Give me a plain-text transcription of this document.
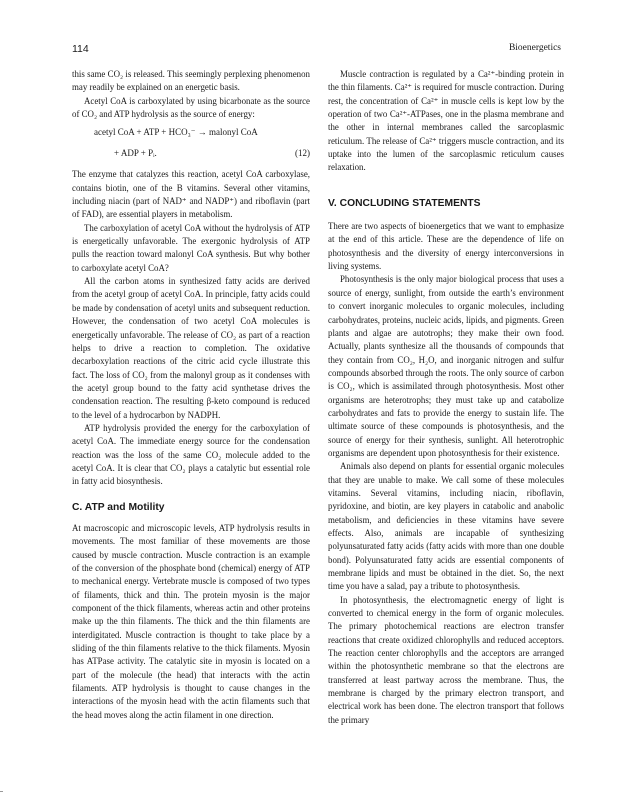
114	Bioenergetics

this same CO₂ is released. This seemingly perplexing phenomenon may readily be explained on an energetic basis.

Acetyl CoA is carboxylated by using bicarbonate as the source of CO₂ and ATP hydrolysis as the source of energy:

acetyl CoA + ATP + HCO₃⁻ → malonyl CoA
+ ADP + Pᵢ.	(12)

The enzyme that catalyzes this reaction, acetyl CoA carboxylase, contains biotin, one of the B vitamins. Several other vitamins, including niacin (part of NAD⁺ and NADP⁺) and riboflavin (part of FAD), are essential players in metabolism.

The carboxylation of acetyl CoA without the hydrolysis of ATP is energetically unfavorable. The exergonic hydrolysis of ATP pulls the reaction toward malonyl CoA synthesis. But why bother to carboxylate acetyl CoA?

All the carbon atoms in synthesized fatty acids are derived from the acetyl group of acetyl CoA. In principle, fatty acids could be made by condensation of acetyl units and subsequent reduction. However, the condensation of two acetyl CoA molecules is energetically unfavorable. The release of CO₂ as part of a reaction helps to drive a reaction to completion. The oxidative decarboxylation reactions of the citric acid cycle illustrate this fact. The loss of CO₂ from the malonyl group as it condenses with the acetyl group bound to the fatty acid synthetase drives the condensation reaction. The resulting β-keto compound is reduced to the level of a hydrocarbon by NADPH.

ATP hydrolysis provided the energy for the carboxylation of acetyl CoA. The immediate energy source for the condensation reaction was the loss of the same CO₂ molecule added to the acetyl CoA. It is clear that CO₂ plays a catalytic but essential role in fatty acid biosynthesis.

C. ATP and Motility

At macroscopic and microscopic levels, ATP hydrolysis results in movements. The most familiar of these movements are those caused by muscle contraction. Muscle contraction is an example of the conversion of the phosphate bond (chemical) energy of ATP to mechanical energy. Vertebrate muscle is composed of two types of filaments, thick and thin. The protein myosin is the major component of the thick filaments, whereas actin and other proteins make up the thin filaments. The thick and the thin filaments are interdigitated. Muscle contraction is thought to take place by a sliding of the thin filaments relative to the thick filaments. Myosin has ATPase activity. The catalytic site in myosin is located on a part of the molecule (the head) that interacts with the actin filaments. ATP hydrolysis is thought to cause changes in the interactions of the myosin head with the actin filaments such that the head moves along the actin filament in one direction.

Muscle contraction is regulated by a Ca²⁺-binding protein in the thin filaments. Ca²⁺ is required for muscle contraction. During rest, the concentration of Ca²⁺ in muscle cells is kept low by the operation of two Ca²⁺-ATPases, one in the plasma membrane and the other in internal membranes called the sarcoplasmic reticulum. The release of Ca²⁺ triggers muscle contraction, and its uptake into the lumen of the sarcoplasmic reticulum causes relaxation.

V. CONCLUDING STATEMENTS

There are two aspects of bioenergetics that we want to emphasize at the end of this article. These are the dependence of life on photosynthesis and the diversity of energy interconversions in living systems.

Photosynthesis is the only major biological process that uses a source of energy, sunlight, from outside the earth’s environment to convert inorganic molecules to organic molecules, including carbohydrates, proteins, nucleic acids, lipids, and pigments. Green plants and algae are autotrophs; they make their own food. Actually, plants synthesize all the thousands of compounds that they contain from CO₂, H₂O, and inorganic nitrogen and sulfur compounds absorbed through the roots. The only source of carbon is CO₂, which is assimilated through photosynthesis. Most other organisms are heterotrophs; they must take up and catabolize carbohydrates and fats to provide the energy to sustain life. The ultimate source of these compounds is photosynthesis, and the source of energy for their synthesis, sunlight. All heterotrophic organisms are dependent upon photosynthesis for their existence.

Animals also depend on plants for essential organic molecules that they are unable to make. We call some of these molecules vitamins. Several vitamins, including niacin, riboflavin, pyridoxine, and biotin, are key players in catabolic and anabolic metabolism, and deficiencies in these vitamins have severe effects. Also, animals are incapable of synthesizing polyunsaturated fatty acids (fatty acids with more than one double bond). Polyunsaturated fatty acids are essential components of membrane lipids and must be obtained in the diet. So, the next time you have a salad, pay a tribute to photosynthesis.

In photosynthesis, the electromagnetic energy of light is converted to chemical energy in the form of organic molecules. The primary photochemical reactions are electron transfer reactions that create oxidized chlorophylls and reduced acceptors. The reaction center chlorophylls and the acceptors are arranged within the photosynthetic membrane so that the electrons are transferred at least partway across the membrane. Thus, the membrane is charged by the primary electron transport, and electrical work has been done. The electron transport that follows the primary
